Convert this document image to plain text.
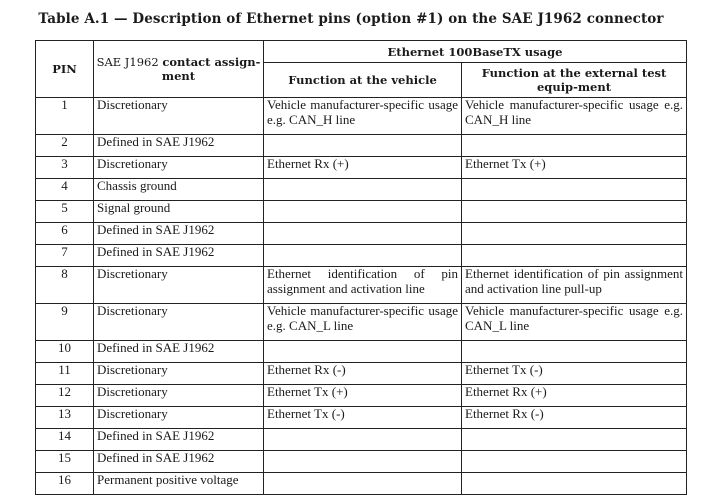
Table A.1 — Description of Ethernet pins (option #1) on the SAE J1962 connector
PIN	SAE J1962 contact assign-ment	Ethernet 100BaseTX usage	
		Function at the vehicle	Function at the external test equip-ment
1	Discretionary	Vehicle manufacturer-specific usage e.g. CAN_H line	Vehicle manufacturer-specific usage e.g. CAN_H line
2	Defined in SAE J1962		
3	Discretionary	Ethernet Rx (+)	Ethernet Tx (+)
4	Chassis ground		
5	Signal ground		
6	Defined in SAE J1962		
7	Defined in SAE J1962		
8	Discretionary	Ethernet identification of pin assignment and activation line	Ethernet identification of pin assignment and activation line pull-up
9	Discretionary	Vehicle manufacturer-specific usage e.g. CAN_L line	Vehicle manufacturer-specific usage e.g. CAN_L line
10	Defined in SAE J1962		
11	Discretionary	Ethernet Rx (-)	Ethernet Tx (-)
12	Discretionary	Ethernet Tx (+)	Ethernet Rx (+)
13	Discretionary	Ethernet Tx (-)	Ethernet Rx (-)
14	Defined in SAE J1962		
15	Defined in SAE J1962		
16	Permanent positive voltage		
